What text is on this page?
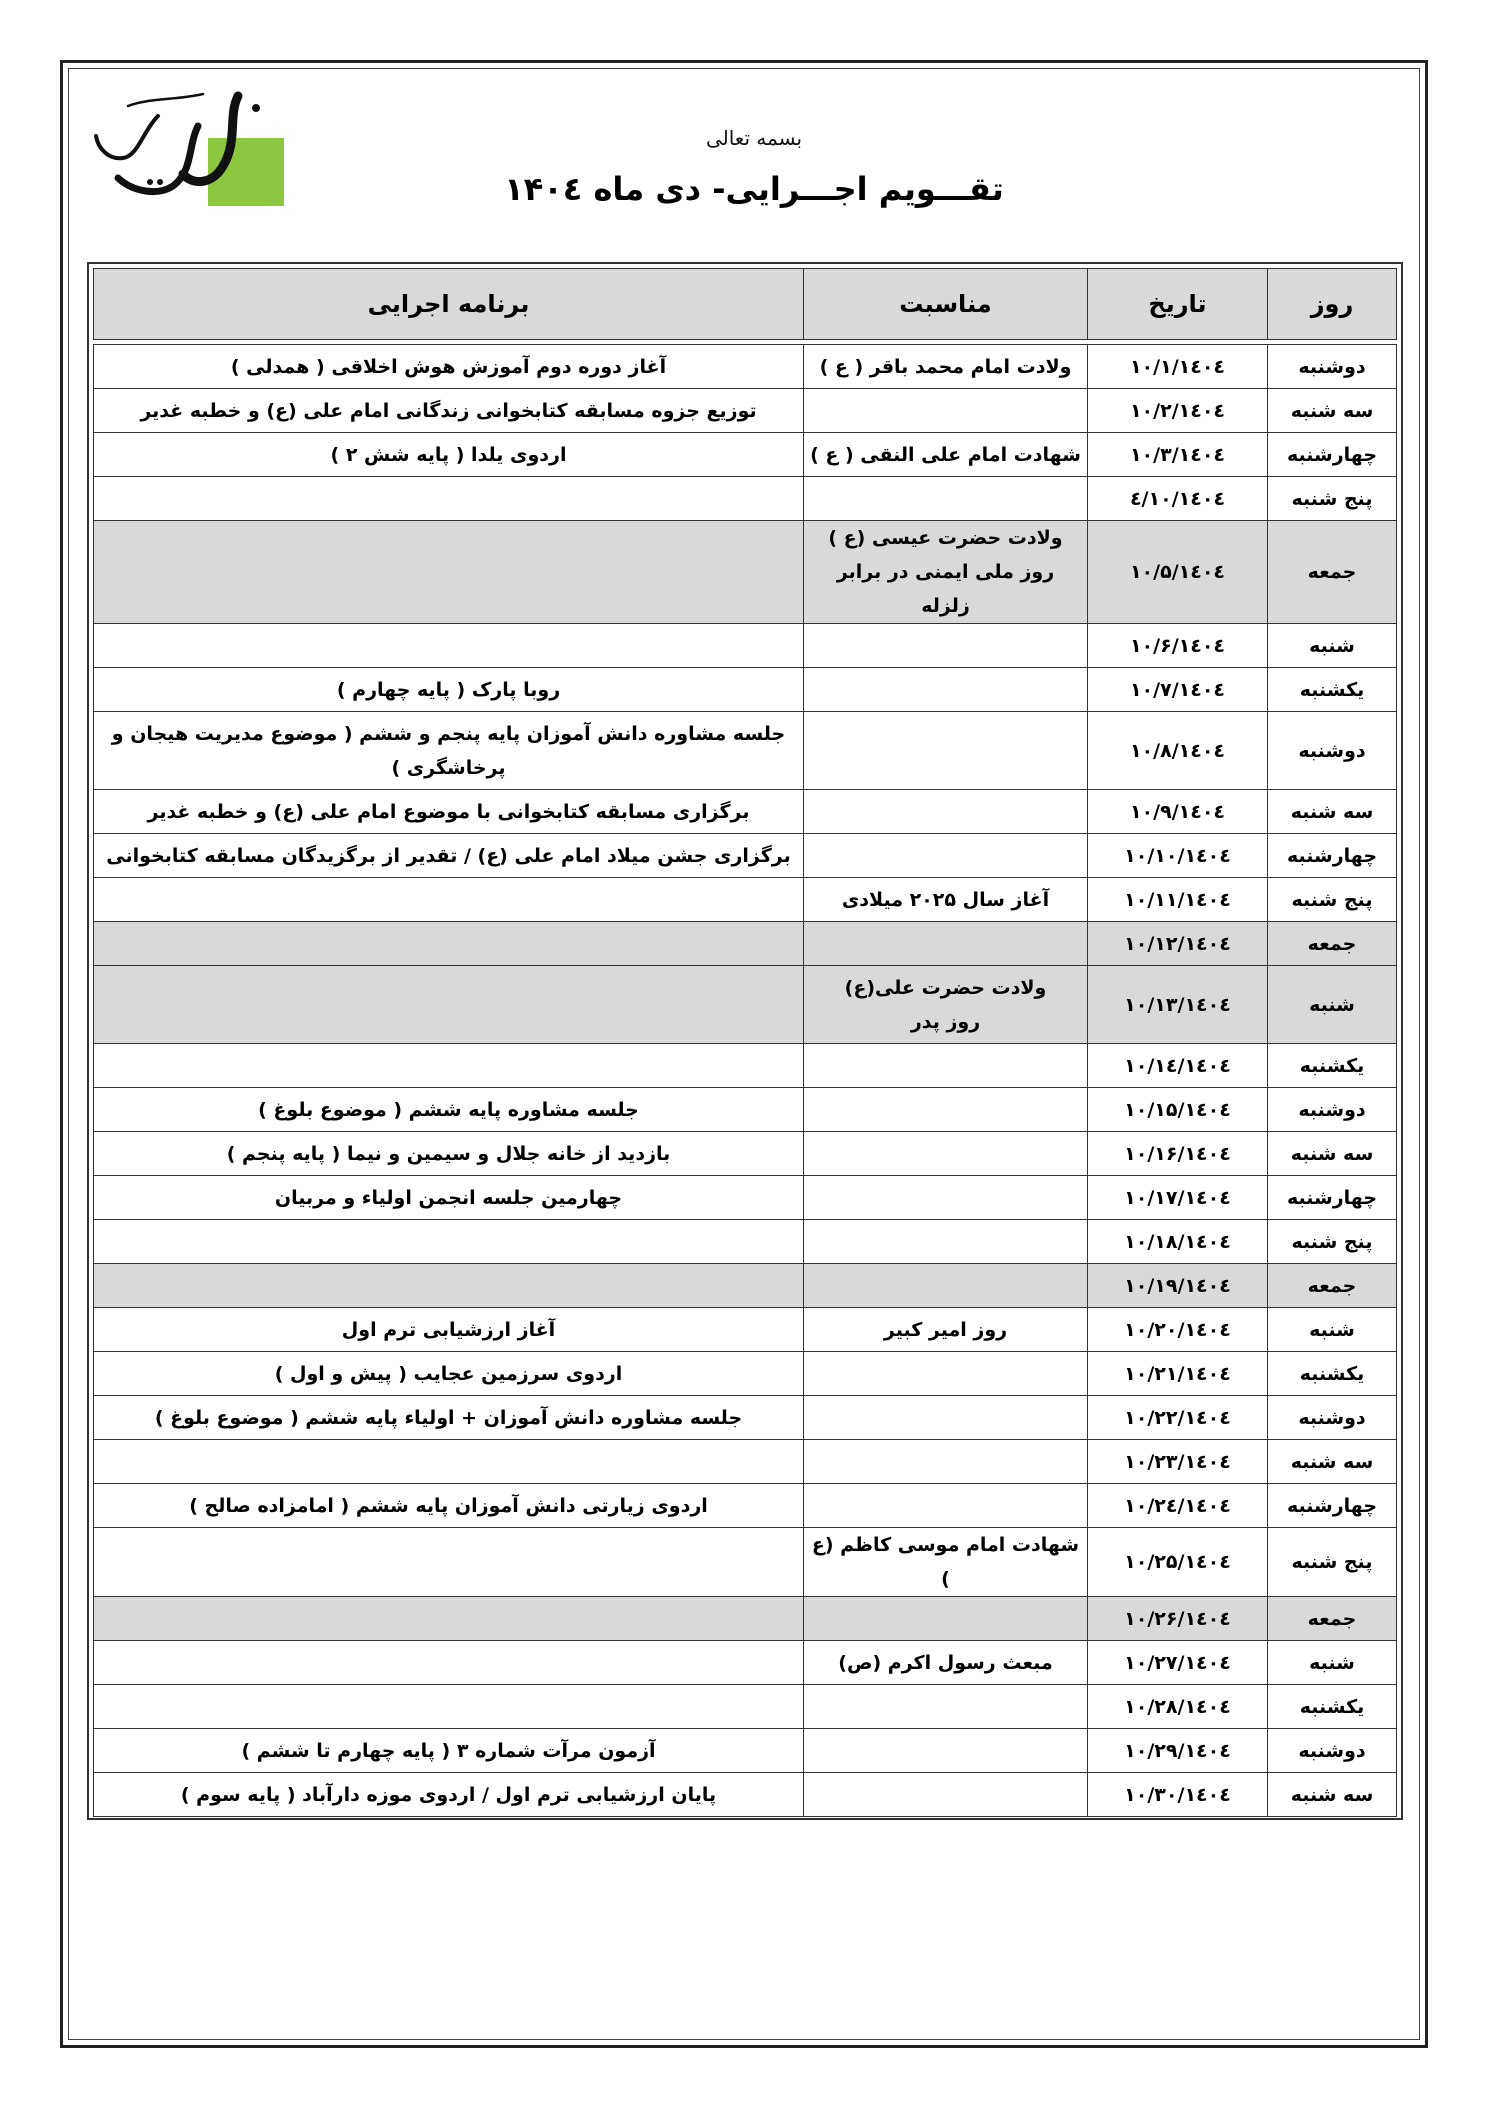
بسمه تعالی
تقـــویم اجـــرایی- دی ماه ۱۴۰٤
روز	تاریخ	مناسبت	برنامه اجرایی

دوشنبه	۱٤۰٤/۱۰/۱	ولادت امام محمد باقر ( ع )	آغاز دوره دوم آموزش هوش اخلاقی ( همدلی )

سه شنبه	۱٤۰٤/۱۰/۲		توزیع جزوه مسابقه کتابخوانی زندگانی امام علی (ع) و خطبه غدیر

چهارشنبه	۱٤۰٤/۱۰/۳	شهادت امام علی النقی ( ع )	اردوی یلدا ( پایه شش ۲ )

پنج شنبه	۱٤۰٤/۱۰/٤		
جمعه	۱٤۰٤/۱۰/۵	ولادت حضرت عیسی (ع )
روز ملی ایمنی در برابر زلزله	

شنبه	۱٤۰٤/۱۰/۶		
یکشنبه	۱٤۰٤/۱۰/۷		روبا پارک ( پایه چهارم )

دوشنبه	۱٤۰٤/۱۰/۸		جلسه مشاوره دانش آموزان پایه پنجم و ششم ( موضوع مدیریت هیجان و
پرخاشگری )

سه شنبه	۱٤۰٤/۱۰/۹		برگزاری مسابقه کتابخوانی با موضوع امام علی (ع) و خطبه غدیر

چهارشنبه	۱٤۰٤/۱۰/۱۰		برگزاری جشن میلاد امام علی (ع) / تقدیر از برگزیدگان مسابقه کتابخوانی

پنج شنبه	۱٤۰٤/۱۰/۱۱	آغاز سال ۲۰۲۵ میلادی	

جمعه	۱٤۰٤/۱۰/۱۲		
شنبه	۱٤۰٤/۱۰/۱۳	ولادت حضرت علی(ع)
روز پدر	

یکشنبه	۱٤۰٤/۱۰/۱٤		
دوشنبه	۱٤۰٤/۱۰/۱۵		جلسه مشاوره پایه ششم ( موضوع بلوغ )

سه شنبه	۱٤۰٤/۱۰/۱۶		بازدید از خانه جلال و سیمین و نیما ( پایه پنجم )

چهارشنبه	۱٤۰٤/۱۰/۱۷		چهارمین جلسه انجمن اولیاء و مربیان

پنج شنبه	۱٤۰٤/۱۰/۱۸		
جمعه	۱٤۰٤/۱۰/۱۹		
شنبه	۱٤۰٤/۱۰/۲۰	روز امیر کبیر	آغاز ارزشیابی ترم اول

یکشنبه	۱٤۰٤/۱۰/۲۱		اردوی سرزمین عجایب ( پیش و اول )

دوشنبه	۱٤۰٤/۱۰/۲۲		جلسه مشاوره دانش آموزان + اولیاء پایه ششم ( موضوع بلوغ )

سه شنبه	۱٤۰٤/۱۰/۲۳		
چهارشنبه	۱٤۰٤/۱۰/۲٤		اردوی زیارتی دانش آموزان پایه ششم ( امامزاده صالح )

پنج شنبه	۱٤۰٤/۱۰/۲۵	شهادت امام موسی کاظم (ع )	

جمعه	۱٤۰٤/۱۰/۲۶		
شنبه	۱٤۰٤/۱۰/۲۷	مبعث رسول اکرم (ص)	

یکشنبه	۱٤۰٤/۱۰/۲۸		
دوشنبه	۱٤۰٤/۱۰/۲۹		آزمون مرآت شماره ۳ ( پایه چهارم تا ششم )

سه شنبه	۱٤۰٤/۱۰/۳۰		پایان ارزشیابی ترم اول / اردوی موزه دارآباد ( پایه سوم )
